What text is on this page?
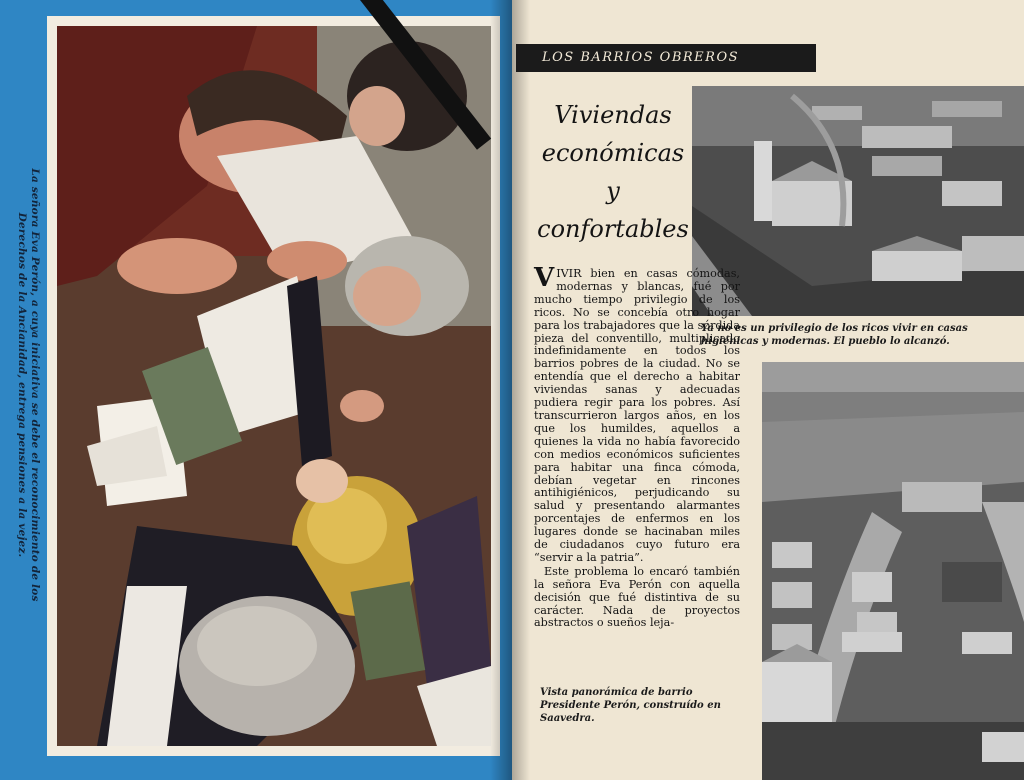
La señora Eva Perón, a cuya iniciativa se debe el reconocimiento de los Derechos de la Ancianidad, entrega pensiones a la vejez.
LOS BARRIOS OBREROS
Viviendas
económicas
y
confortables
Ya no es un privilegio de los ricos vivir en casas higiénicas y modernas. El pueblo lo alcanzó.

VIVIR bien en casas cómodas, modernas y blancas, fué por mucho tiempo privilegio de los ricos. No se concebía otro hogar para los trabajadores que la sórdida pieza del conventillo, multiplicado indefinidamente en todos los barrios pobres de la ciudad. No se entendía que el derecho a habitar viviendas sanas y adecuadas pudiera regir para los pobres. Así transcurrieron largos años, en los que los humildes, aquellos a quienes la vida no había favorecido con medios económicos suficientes para habitar una finca cómoda, debían vegetar en rincones antihigiénicos, perjudicando su salud y presentando alarmantes porcentajes de enfermos en los lugares donde se hacinaban miles de ciudadanos cuyo futuro era “servir a la patria”.

Este problema lo encaró también la señora Eva Perón con aquella decisión que fué distintiva de su carácter. Nada de proyectos abstractos o sueños leja-

Vista panorámica de barrio Presidente Perón, construído en Saavedra.
